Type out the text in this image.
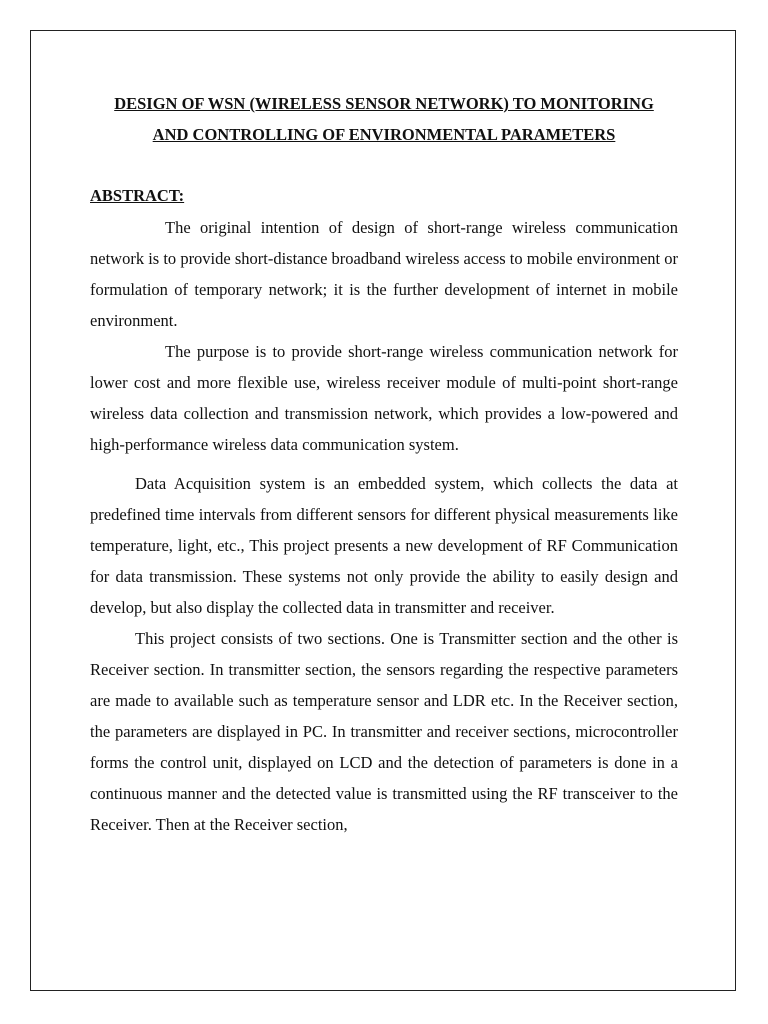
DESIGN OF WSN (WIRELESS SENSOR NETWORK) TO MONITORING
AND CONTROLLING OF ENVIRONMENTAL PARAMETERS

ABSTRACT:

The original intention of design of short-range wireless communication network is to provide short-distance broadband wireless access to mobile environment or formulation of temporary network; it is the further development of internet in mobile environment.

The purpose is to provide short-range wireless communication network for lower cost and more flexible use, wireless receiver module of multi-point short-range wireless data collection and transmission network, which provides a low-powered and high-performance wireless data communication system.

Data Acquisition system is an embedded system, which collects the data at predefined time intervals from different sensors for different physical measurements like temperature, light, etc., This project presents a new development of RF Communication for data transmission. These systems not only provide the ability to easily design and develop, but also display the collected data in transmitter and receiver.

This project consists of two sections. One is Transmitter section and the other is Receiver section. In transmitter section, the sensors regarding the respective parameters are made to available such as temperature sensor and LDR etc. In the Receiver section, the parameters are displayed in PC. In transmitter and receiver sections, microcontroller forms the control unit, displayed on LCD and the detection of parameters is done in a continuous manner and the detected value is transmitted using the RF transceiver to the Receiver. Then at the Receiver section,
